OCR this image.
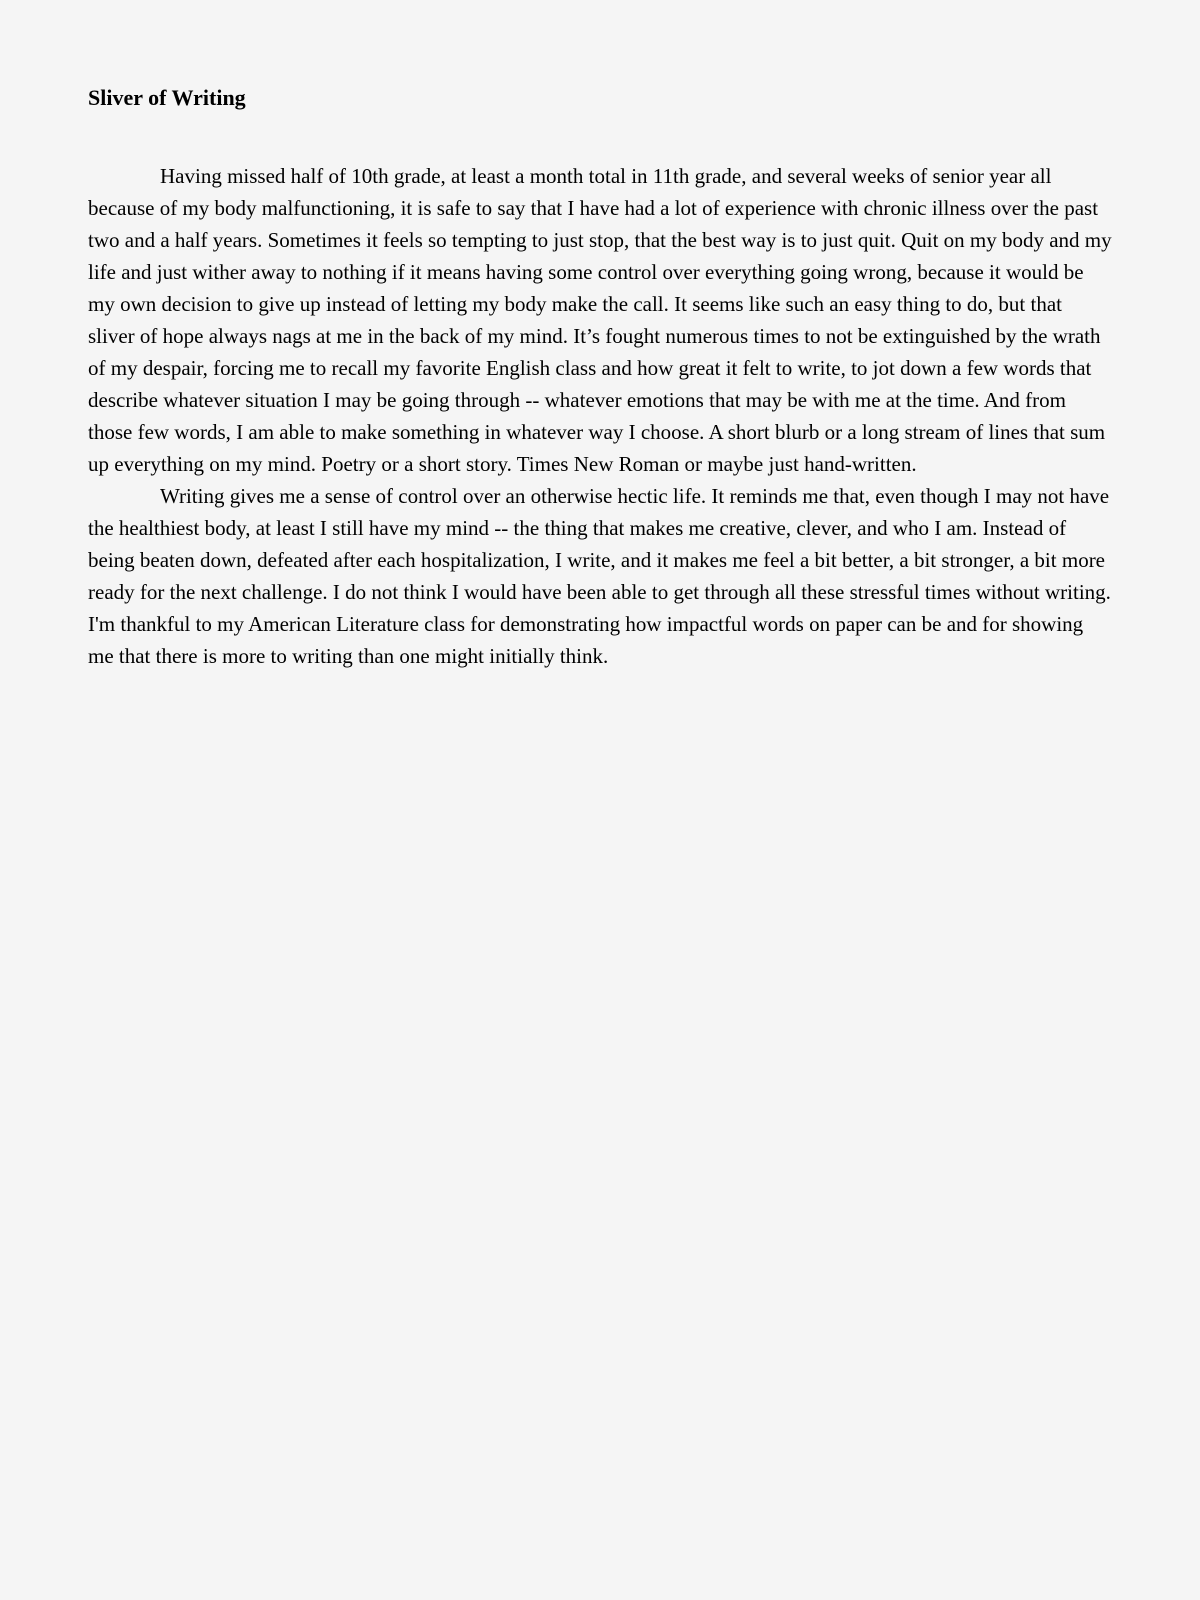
Sliver of Writing

Having missed half of 10th grade, at least a month total in 11th grade, and several weeks of senior year all because of my body malfunctioning, it is safe to say that I have had a lot of experience with chronic illness over the past two and a half years. Sometimes it feels so tempting to just stop, that the best way is to just quit. Quit on my body and my life and just wither away to nothing if it means having some control over everything going wrong, because it would be my own decision to give up instead of letting my body make the call. It seems like such an easy thing to do, but that sliver of hope always nags at me in the back of my mind. It’s fought numerous times to not be extinguished by the wrath of my despair, forcing me to recall my favorite English class and how great it felt to write, to jot down a few words that describe whatever situation I may be going through -- whatever emotions that may be with me at the time. And from those few words, I am able to make something in whatever way I choose. A short blurb or a long stream of lines that sum up everything on my mind. Poetry or a short story. Times New Roman or maybe just hand-written.

Writing gives me a sense of control over an otherwise hectic life. It reminds me that, even though I may not have the healthiest body, at least I still have my mind -- the thing that makes me creative, clever, and who I am. Instead of being beaten down, defeated after each hospitalization, I write, and it makes me feel a bit better, a bit stronger, a bit more ready for the next challenge. I do not think I would have been able to get through all these stressful times without writing. I'm thankful to my American Literature class for demonstrating how impactful words on paper can be and for showing me that there is more to writing than one might initially think.
